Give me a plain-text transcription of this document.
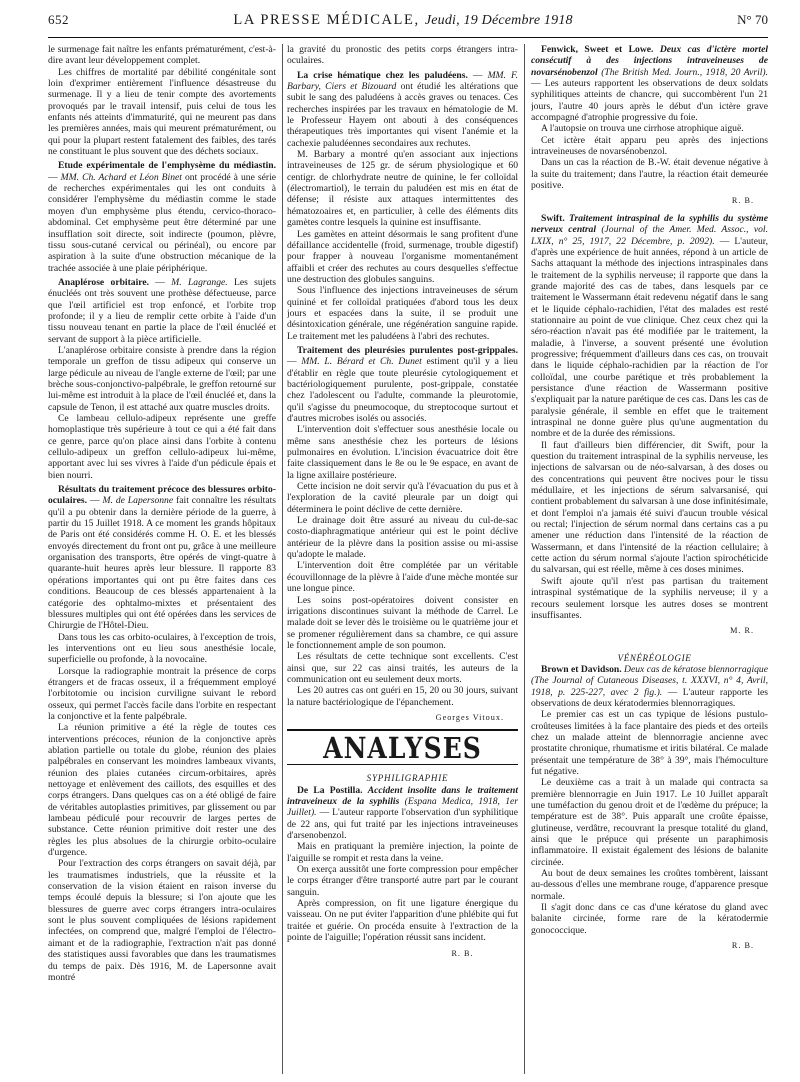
652	LA PRESSE MÉDICALE, Jeudi, 19 Décembre 1918	N° 70

le surmenage fait naître les enfants prématurément, c'est-à-dire avant leur développement complet.

Les chiffres de mortalité par débilité congénitale sont loin d'exprimer entièrement l'influence désastreuse du surmenage. Il y a lieu de tenir compte des avortements provoqués par le travail intensif, puis celui de tous les enfants nés atteints d'immaturité, qui ne meurent pas dans les premières années, mais qui meurent prématurément, ou qui pour la plupart restent fatalement des faibles, des tarés ne constituant le plus souvent que des déchets sociaux.

Etude expérimentale de l'emphysème du médiastin. — MM. Ch. Achard et Léon Binet ont procédé à une série de recherches expérimentales qui les ont conduits à considérer l'emphysème du médiastin comme le stade moyen d'un emphysème plus étendu, cervico-thoraco-abdominal. Cet emphysème peut être déterminé par une insufflation soit directe, soit indirecte (poumon, plèvre, tissu sous-cutané cervical ou périnéal), ou encore par aspiration à la suite d'une obstruction mécanique de la trachée associée à une plaie périphérique.

Anaplérose orbitaire. — M. Lagrange. Les sujets énucléés ont très souvent une prothèse défectueuse, parce que l'œil artificiel est trop enfoncé, et l'orbite trop profonde; il y a lieu de remplir cette orbite à l'aide d'un tissu nouveau tenant en partie la place de l'œil énucléé et servant de support à la pièce artificielle.

L'anaplérose orbitaire consiste à prendre dans la région temporale un greffon de tissu adipeux qui conserve un large pédicule au niveau de l'angle externe de l'œil; par une brèche sous-conjonctivo-palpébrale, le greffon retourné sur lui-même est introduit à la place de l'œil énucléé et, dans la capsule de Tenon, il est attaché aux quatre muscles droits.

Ce lambeau cellulo-adipeux représente une greffe homoplastique très supérieure à tout ce qui a été fait dans ce genre, parce qu'on place ainsi dans l'orbite à contenu cellulo-adipeux un greffon cellulo-adipeux lui-même, apportant avec lui ses vivres à l'aide d'un pédicule épais et bien nourri.

Résultats du traitement précoce des blessures orbito-oculaires. — M. de Lapersonne fait connaître les résultats qu'il a pu obtenir dans la dernière période de la guerre, à partir du 15 Juillet 1918. A ce moment les grands hôpitaux de Paris ont été considérés comme H. O. E. et les blessés envoyés directement du front ont pu, grâce à une meilleure organisation des transports, être opérés de vingt-quatre à quarante-huit heures après leur blessure. Il rapporte 83 opérations importantes qui ont pu être faites dans ces conditions. Beaucoup de ces blessés appartenaient à la catégorie des ophtalmo-mixtes et présentaient des blessures multiples qui ont été opérées dans les services de Chirurgie de l'Hôtel-Dieu.

Dans tous les cas orbito-oculaires, à l'exception de trois, les interventions ont eu lieu sous anesthésie locale, superficielle ou profonde, à la novocaïne.

Lorsque la radiographie montrait la présence de corps étrangers et de fracas osseux, il a fréquemment employé l'orbitotomie ou incision curviligne suivant le rebord osseux, qui permet l'accès facile dans l'orbite en respectant la conjonctive et la fente palpébrale.

La réunion primitive a été la règle de toutes ces interventions précoces, réunion de la conjonctive après ablation partielle ou totale du globe, réunion des plaies palpébrales en conservant les moindres lambeaux vivants, réunion des plaies cutanées circum-orbitaires, après nettoyage et enlèvement des caillots, des esquilles et des corps étrangers. Dans quelques cas on a été obligé de faire de véritables autoplasties primitives, par glissement ou par lambeau pédiculé pour recouvrir de larges pertes de substance. Cette réunion primitive doit rester une des règles les plus absolues de la chirurgie orbito-oculaire d'urgence.

Pour l'extraction des corps étrangers on savait déjà, par les traumatismes industriels, que la réussite et la conservation de la vision étaient en raison inverse du temps écoulé depuis la blessure; si l'on ajoute que les blessures de guerre avec corps étrangers intra-oculaires sont le plus souvent compliquées de lésions rapidement infectées, on comprend que, malgré l'emploi de l'électro-aimant et de la radiographie, l'extraction n'ait pas donné des statistiques aussi favorables que dans les traumatismes du temps de paix. Dès 1916, M. de Lapersonne avait montré

la gravité du pronostic des petits corps étrangers intra-oculaires.

La crise hématique chez les paludéens. — MM. F. Barbary, Ciers et Bizouard ont étudié les altérations que subit le sang des paludéens à accès graves ou tenaces. Ces recherches inspirées par les travaux en hématologie de M. le Professeur Hayem ont abouti à des conséquences thérapeutiques très importantes qui visent l'anémie et la cachexie paludéennes secondaires aux rechutes.

M. Barbary a montré qu'en associant aux injections intraveineuses de 125 gr. de sérum physiologique et 60 centigr. de chlorhydrate neutre de quinine, le fer colloïdal (électromartiol), le terrain du paludéen est mis en état de défense; il résiste aux attaques intermittentes des hématozoaires et, en particulier, à celle des éléments dits gamètes contre lesquels la quinine est insuffisante.

Les gamètes en atteint désormais le sang profitent d'une défaillance accidentelle (froid, surmenage, trouble digestif) pour frapper à nouveau l'organisme momentanément affaibli et créer des rechutes au cours desquelles s'effectue une destruction des globules sanguins.

Sous l'influence des injections intraveineuses de sérum quininé et fer colloïdal pratiquées d'abord tous les deux jours et espacées dans la suite, il se produit une désintoxication générale, une régénération sanguine rapide. Le traitement met les paludéens à l'abri des rechutes.

Traitement des pleurésies purulentes post-grippales. — MM. L. Bérard et Ch. Dunet estiment qu'il y a lieu d'établir en règle que toute pleurésie cytologiquement et bactériologiquement purulente, post-grippale, constatée chez l'adolescent ou l'adulte, commande la pleurotomie, qu'il s'agisse du pneumocoque, du streptocoque surtout et d'autres microbes isolés ou associés.

L'intervention doit s'effectuer sous anesthésie locale ou même sans anesthésie chez les porteurs de lésions pulmonaires en évolution. L'incision évacuatrice doit être faite classiquement dans le 8e ou le 9e espace, en avant de la ligne axillaire postérieure.

Cette incision ne doit servir qu'à l'évacuation du pus et à l'exploration de la cavité pleurale par un doigt qui déterminera le point déclive de cette dernière.

Le drainage doit être assuré au niveau du cul-de-sac costo-diaphragmatique antérieur qui est le point déclive antérieur de la plèvre dans la position assise ou mi-assise qu'adopte le malade.

L'intervention doit être complétée par un véritable écouvillonnage de la plèvre à l'aide d'une mèche montée sur une longue pince.

Les soins post-opératoires doivent consister en irrigations discontinues suivant la méthode de Carrel. Le malade doit se lever dès le troisième ou le quatrième jour et se promener régulièrement dans sa chambre, ce qui assure le fonctionnement ample de son poumon.

Les résultats de cette technique sont excellents. C'est ainsi que, sur 22 cas ainsi traités, les auteurs de la communication ont eu seulement deux morts.

Les 20 autres cas ont guéri en 15, 20 ou 30 jours, suivant la nature bactériologique de l'épanchement.

Georges Vitoux.

ANALYSES

SYPHILIGRAPHIE

De La Postilla. Accident insolite dans le traitement intraveineux de la syphilis (Espana Medica, 1918, 1er Juillet). — L'auteur rapporte l'observation d'un syphilitique de 22 ans, qui fut traité par les injections intraveineuses d'arsenobenzol.

Mais en pratiquant la première injection, la pointe de l'aiguille se rompit et resta dans la veine.

On exerça aussitôt une forte compression pour empêcher le corps étranger d'être transporté autre part par le courant sanguin.

Après compression, on fit une ligature énergique du vaisseau. On ne put éviter l'apparition d'une phlébite qui fut traitée et guérie. On procéda ensuite à l'extraction de la pointe de l'aiguille; l'opération réussit sans incident.

R. B.

Fenwick, Sweet et Lowe. Deux cas d'ictère mortel consécutif à des injections intraveineuses de novarsénobenzol (The British Med. Journ., 1918, 20 Avril). — Les auteurs rapportent les observations de deux soldats syphilitiques atteints de chancre, qui succombèrent l'un 21 jours, l'autre 40 jours après le début d'un ictère grave accompagné d'atrophie progressive du foie.

A l'autopsie on trouva une cirrhose atrophique aiguë.

Cet ictère était apparu peu après des injections intraveineuses de novarsénobenzol.

Dans un cas la réaction de B.-W. était devenue négative à la suite du traitement; dans l'autre, la réaction était demeurée positive.

R. B.

Swift. Traitement intraspinal de la syphilis du système nerveux central (Journal of the Amer. Med. Assoc., vol. LXIX, n° 25, 1917, 22 Décembre, p. 2092). — L'auteur, d'après une expérience de huit années, répond à un article de Sachs attaquant la méthode des injections intraspinales dans le traitement de la syphilis nerveuse; il rapporte que dans la grande majorité des cas de tabes, dans lesquels par ce traitement le Wassermann était redevenu négatif dans le sang et le liquide céphalo-rachidien, l'état des malades est resté stationnaire au point de vue clinique. Chez ceux chez qui la séro-réaction n'avait pas été modifiée par le traitement, la maladie, à l'inverse, a souvent présenté une évolution progressive; fréquemment d'ailleurs dans ces cas, on trouvait dans le liquide céphalo-rachidien par la réaction de l'or colloïdal, une courbe parétique et très probablement la persistance d'une réaction de Wassermann positive s'expliquait par la nature parétique de ces cas. Dans les cas de paralysie générale, il semble en effet que le traitement intraspinal ne donne guère plus qu'une augmentation du nombre et de la durée des rémissions.

Il faut d'ailleurs bien différencier, dit Swift, pour la question du traitement intraspinal de la syphilis nerveuse, les injections de salvarsan ou de néo-salvarsan, à des doses ou des concentrations qui peuvent être nocives pour le tissu médullaire, et les injections de sérum salvarsanisé, qui contient probablement du salvarsan à une dose infinitésimale, et dont l'emploi n'a jamais été suivi d'aucun trouble vésical ou rectal; l'injection de sérum normal dans certains cas a pu amener une réduction dans l'intensité de la réaction de Wassermann, et dans l'intensité de la réaction cellulaire; à cette action du sérum normal s'ajoute l'action spirochéticide du salvarsan, qui est réelle, même à ces doses minimes.

Swift ajoute qu'il n'est pas partisan du traitement intraspinal systématique de la syphilis nerveuse; il y a recours seulement lorsque les autres doses se montrent insuffisantes.

M. R.

VÉNÉRÉOLOGIE

Brown et Davidson. Deux cas de kératose blennorragique (The Journal of Cutaneous Diseases, t. XXXVI, n° 4, Avril, 1918, p. 225-227, avec 2 fig.). — L'auteur rapporte les observations de deux kératodermies blennorragiques.

Le premier cas est un cas typique de lésions pustulo-croûteuses limitées à la face plantaire des pieds et des orteils chez un malade atteint de blennorragie ancienne avec prostatite chronique, rhumatisme et iritis bilatéral. Ce malade présentait une température de 38° à 39°, mais l'hémoculture fut négative.

Le deuxième cas a trait à un malade qui contracta sa première blennorragie en Juin 1917. Le 10 Juillet apparaît une tuméfaction du genou droit et de l'œdème du prépuce; la température est de 38°. Puis apparaît une croûte épaisse, glutineuse, verdâtre, recouvrant la presque totalité du gland, ainsi que le prépuce qui présente un paraphimosis inflammatoire. Il existait également des lésions de balanite circinée.

Au bout de deux semaines les croûtes tombèrent, laissant au-dessous d'elles une membrane rouge, d'apparence presque normale.

Il s'agit donc dans ce cas d'une kératose du gland avec balanite circinée, forme rare de la kératodermie gonococcique.

R. B.
